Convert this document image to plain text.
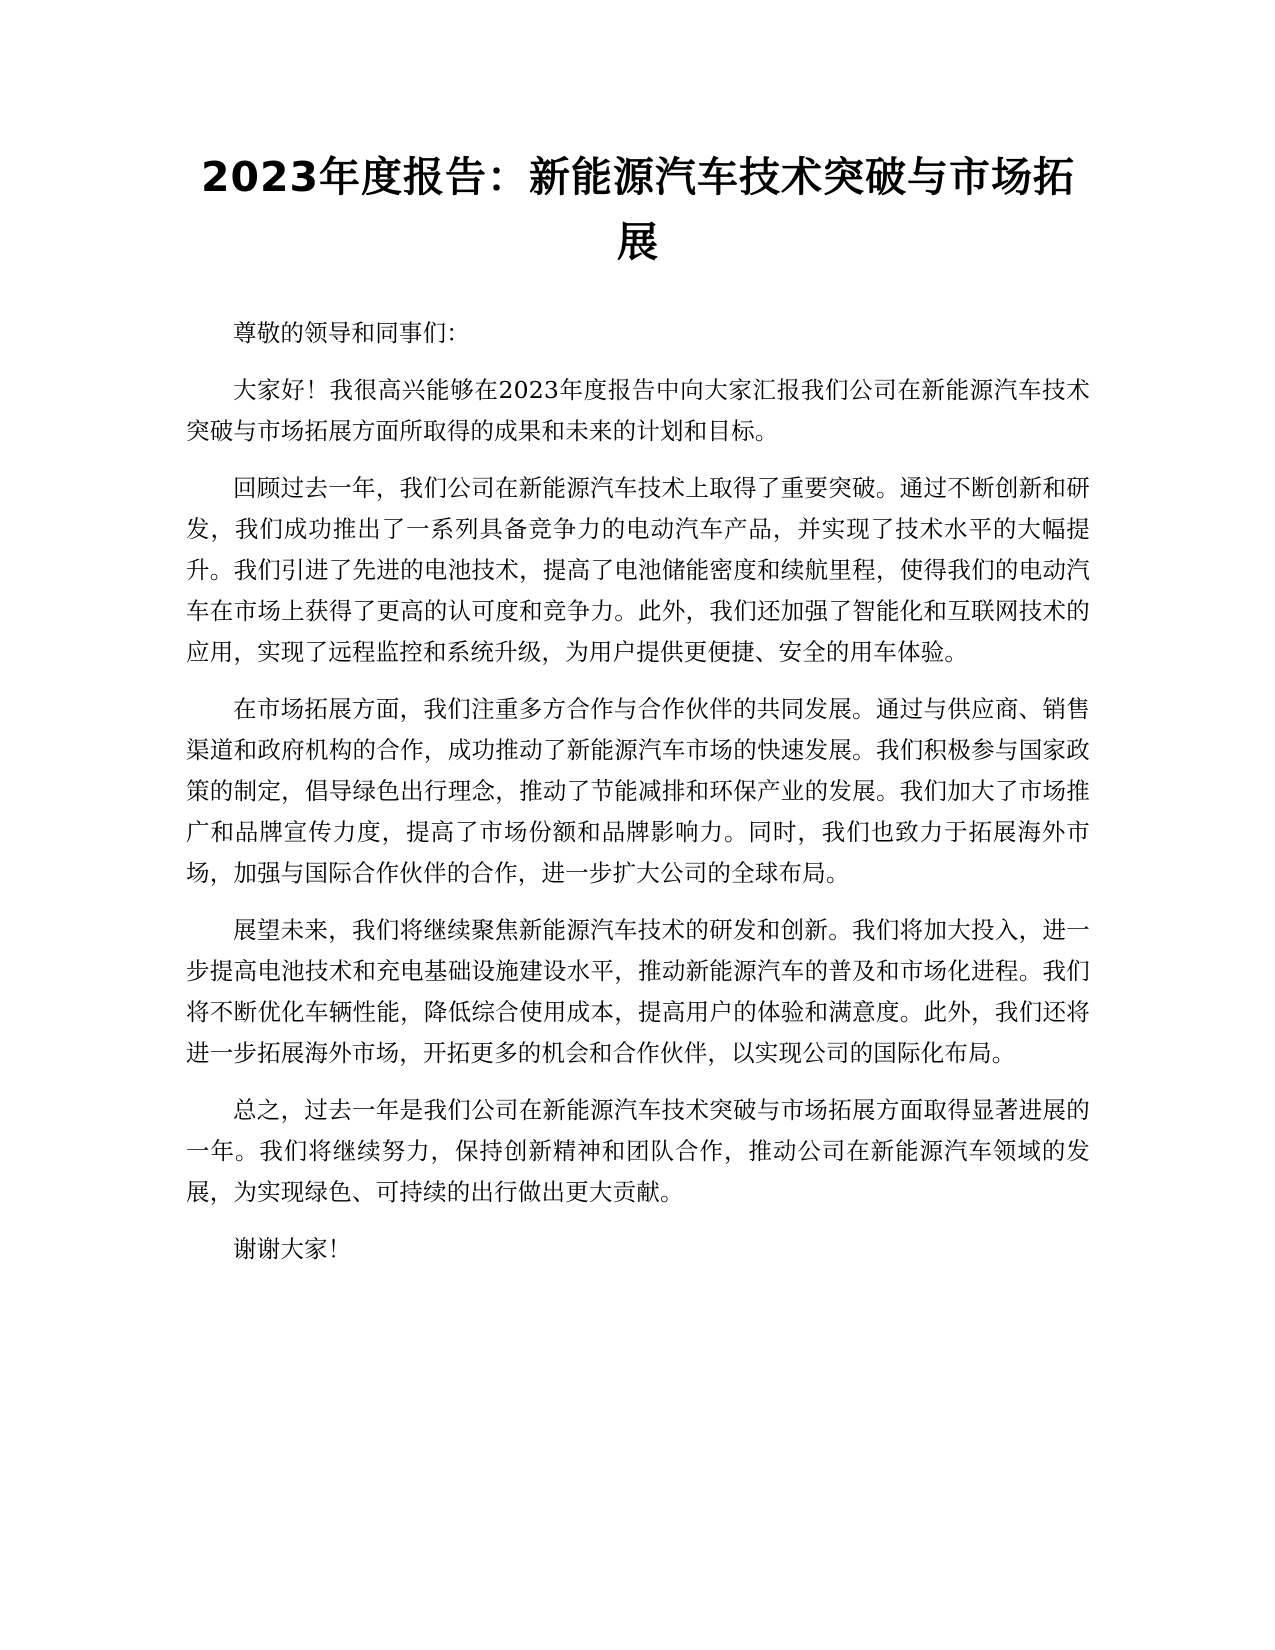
2023年度报告：新能源汽车技术突破与市场拓展

尊敬的领导和同事们：

大家好！我很高兴能够在2023年度报告中向大家汇报我们公司在新能源汽车技术突破与市场拓展方面所取得的成果和未来的计划和目标。

回顾过去一年，我们公司在新能源汽车技术上取得了重要突破。通过不断创新和研发，我们成功推出了一系列具备竞争力的电动汽车产品，并实现了技术水平的大幅提升。我们引进了先进的电池技术，提高了电池储能密度和续航里程，使得我们的电动汽车在市场上获得了更高的认可度和竞争力。此外，我们还加强了智能化和互联网技术的应用，实现了远程监控和系统升级，为用户提供更便捷、安全的用车体验。

在市场拓展方面，我们注重多方合作与合作伙伴的共同发展。通过与供应商、销售渠道和政府机构的合作，成功推动了新能源汽车市场的快速发展。我们积极参与国家政策的制定，倡导绿色出行理念，推动了节能减排和环保产业的发展。我们加大了市场推广和品牌宣传力度，提高了市场份额和品牌影响力。同时，我们也致力于拓展海外市场，加强与国际合作伙伴的合作，进一步扩大公司的全球布局。

展望未来，我们将继续聚焦新能源汽车技术的研发和创新。我们将加大投入，进一步提高电池技术和充电基础设施建设水平，推动新能源汽车的普及和市场化进程。我们将不断优化车辆性能，降低综合使用成本，提高用户的体验和满意度。此外，我们还将进一步拓展海外市场，开拓更多的机会和合作伙伴，以实现公司的国际化布局。

总之，过去一年是我们公司在新能源汽车技术突破与市场拓展方面取得显著进展的一年。我们将继续努力，保持创新精神和团队合作，推动公司在新能源汽车领域的发展，为实现绿色、可持续的出行做出更大贡献。

谢谢大家！
